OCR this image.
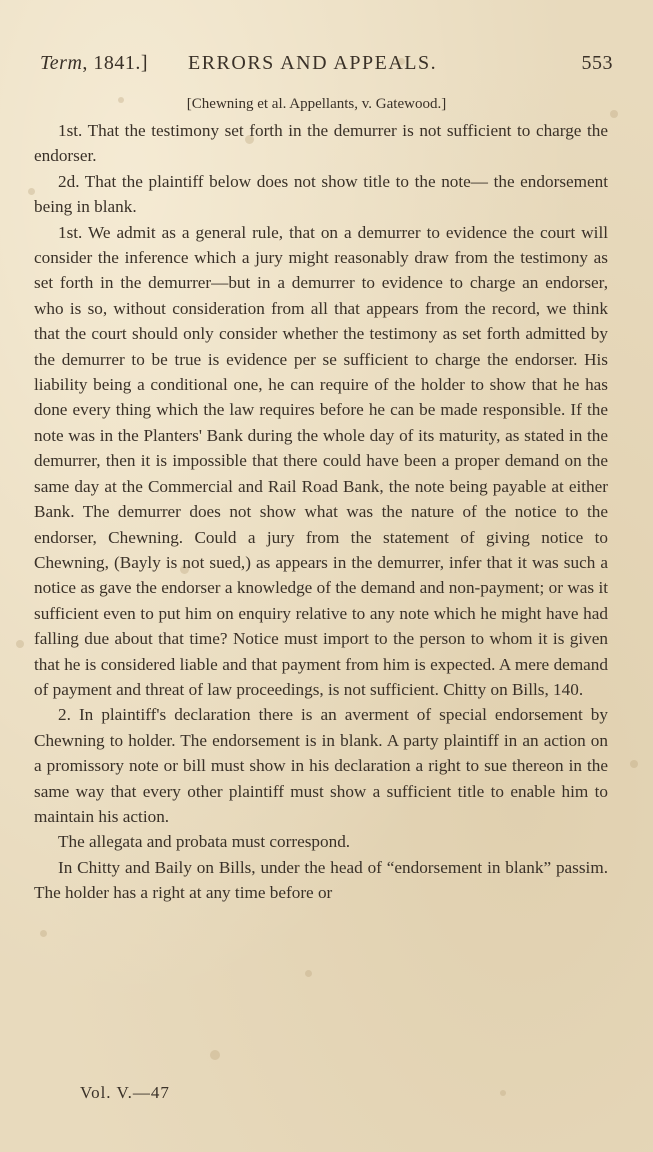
Term, 1841.] ERRORS AND APPEALS.	553
[Chewning et al. Appellants, v. Gatewood.]

1st. That the testimony set forth in the demurrer is not sufficient to charge the endorser.

2d. That the plaintiff below does not show title to the note— the endorsement being in blank.

1st. We admit as a general rule, that on a demurrer to evidence the court will consider the inference which a jury might reasonably draw from the testimony as set forth in the demurrer—but in a demurrer to evidence to charge an endorser, who is so, without consideration from all that appears from the record, we think that the court should only consider whether the testimony as set forth admitted by the demurrer to be true is evidence per se sufficient to charge the endorser. His liability being a conditional one, he can require of the holder to show that he has done every thing which the law requires before he can be made responsible. If the note was in the Planters' Bank during the whole day of its maturity, as stated in the demurrer, then it is impossible that there could have been a proper demand on the same day at the Commercial and Rail Road Bank, the note being payable at either Bank. The demurrer does not show what was the nature of the notice to the endorser, Chewning. Could a jury from the statement of giving notice to Chewning, (Bayly is not sued,) as appears in the demurrer, infer that it was such a notice as gave the endorser a knowledge of the demand and non-payment; or was it sufficient even to put him on enquiry relative to any note which he might have had falling due about that time? Notice must import to the person to whom it is given that he is considered liable and that payment from him is expected. A mere demand of payment and threat of law proceedings, is not sufficient. Chitty on Bills, 140.

2. In plaintiff's declaration there is an averment of special endorsement by Chewning to holder. The endorsement is in blank. A party plaintiff in an action on a promissory note or bill must show in his declaration a right to sue thereon in the same way that every other plaintiff must show a sufficient title to enable him to maintain his action.

The allegata and probata must correspond.

In Chitty and Baily on Bills, under the head of “endorsement in blank” passim. The holder has a right at any time before or

Vol. V.—47
